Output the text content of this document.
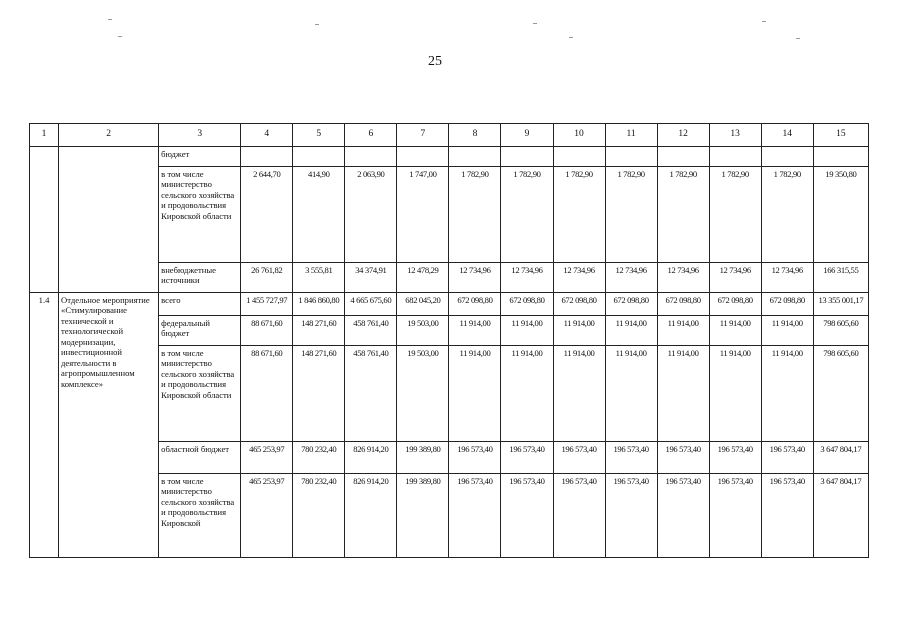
25
1	2	3	4	5	6	7	8	9	10	11	12	13	14	15
		бюджет												
		в том числе министерство сельского хозяйства и продовольствия Кировской области	2 644,70	414,90	2 063,90	1 747,00	1 782,90	1 782,90	1 782,90	1 782,90	1 782,90	1 782,90	1 782,90	19 350,80
		внебюджетные источники	26 761,82	3 555,81	34 374,91	12 478,29	12 734,96	12 734,96	12 734,96	12 734,96	12 734,96	12 734,96	12 734,96	166 315,55
1.4	Отдельное мероприятие «Стимулирование технической и технологической модернизации, инвестиционной деятельности в агропромышленном комплексе»	всего	1 455 727,97	1 846 860,80	4 665 675,60	682 045,20	672 098,80	672 098,80	672 098,80	672 098,80	672 098,80	672 098,80	672 098,80	13 355 001,17
		федеральный бюджет	88 671,60	148 271,60	458 761,40	19 503,00	11 914,00	11 914,00	11 914,00	11 914,00	11 914,00	11 914,00	11 914,00	798 605,60
		в том числе министерство сельского хозяйства и продовольствия Кировской области	88 671,60	148 271,60	458 761,40	19 503,00	11 914,00	11 914,00	11 914,00	11 914,00	11 914,00	11 914,00	11 914,00	798 605,60
		областной бюджет	465 253,97	780 232,40	826 914,20	199 389,80	196 573,40	196 573,40	196 573,40	196 573,40	196 573,40	196 573,40	196 573,40	3 647 804,17
		в том числе министерство сельского хозяйства и продовольствия Кировской	465 253,97	780 232,40	826 914,20	199 389,80	196 573,40	196 573,40	196 573,40	196 573,40	196 573,40	196 573,40	196 573,40	3 647 804,17
